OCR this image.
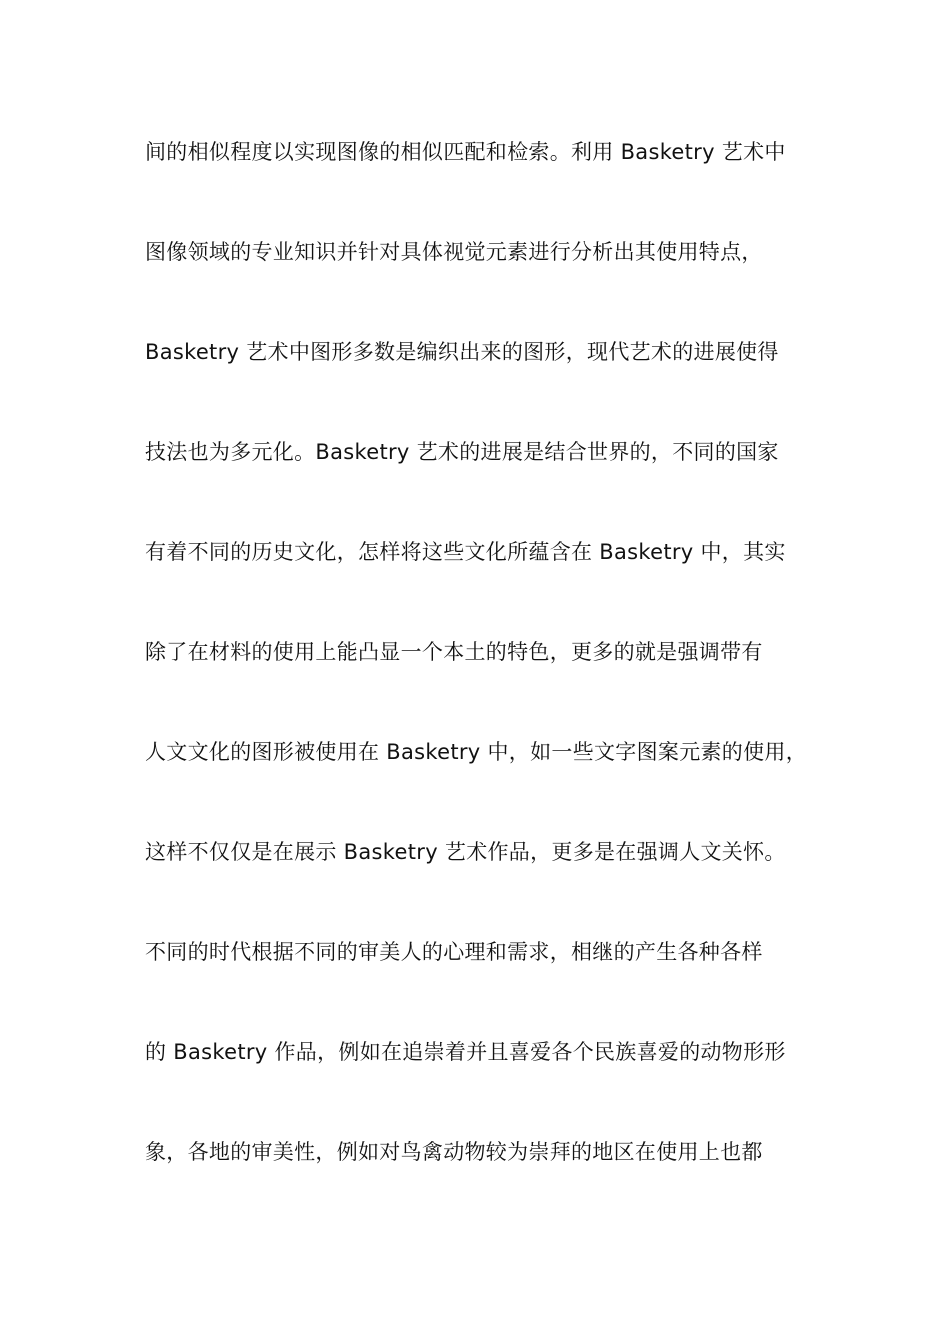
间的相似程度以实现图像的相似匹配和检索。利用 Basketry 艺术中
图像领域的专业知识并针对具体视觉元素进行分析出其使用特点，
Basketry 艺术中图形多数是编织出来的图形，现代艺术的进展使得
技法也为多元化。Basketry 艺术的进展是结合世界的，不同的国家
有着不同的历史文化，怎样将这些文化所蕴含在 Basketry 中，其实
除了在材料的使用上能凸显一个本土的特色，更多的就是强调带有
人文文化的图形被使用在 Basketry 中，如一些文字图案元素的使用，
这样不仅仅是在展示 Basketry 艺术作品，更多是在强调人文关怀。
不同的时代根据不同的审美人的心理和需求，相继的产生各种各样
的 Basketry 作品，例如在追崇着并且喜爱各个民族喜爱的动物形形
象，各地的审美性，例如对鸟禽动物较为崇拜的地区在使用上也都
